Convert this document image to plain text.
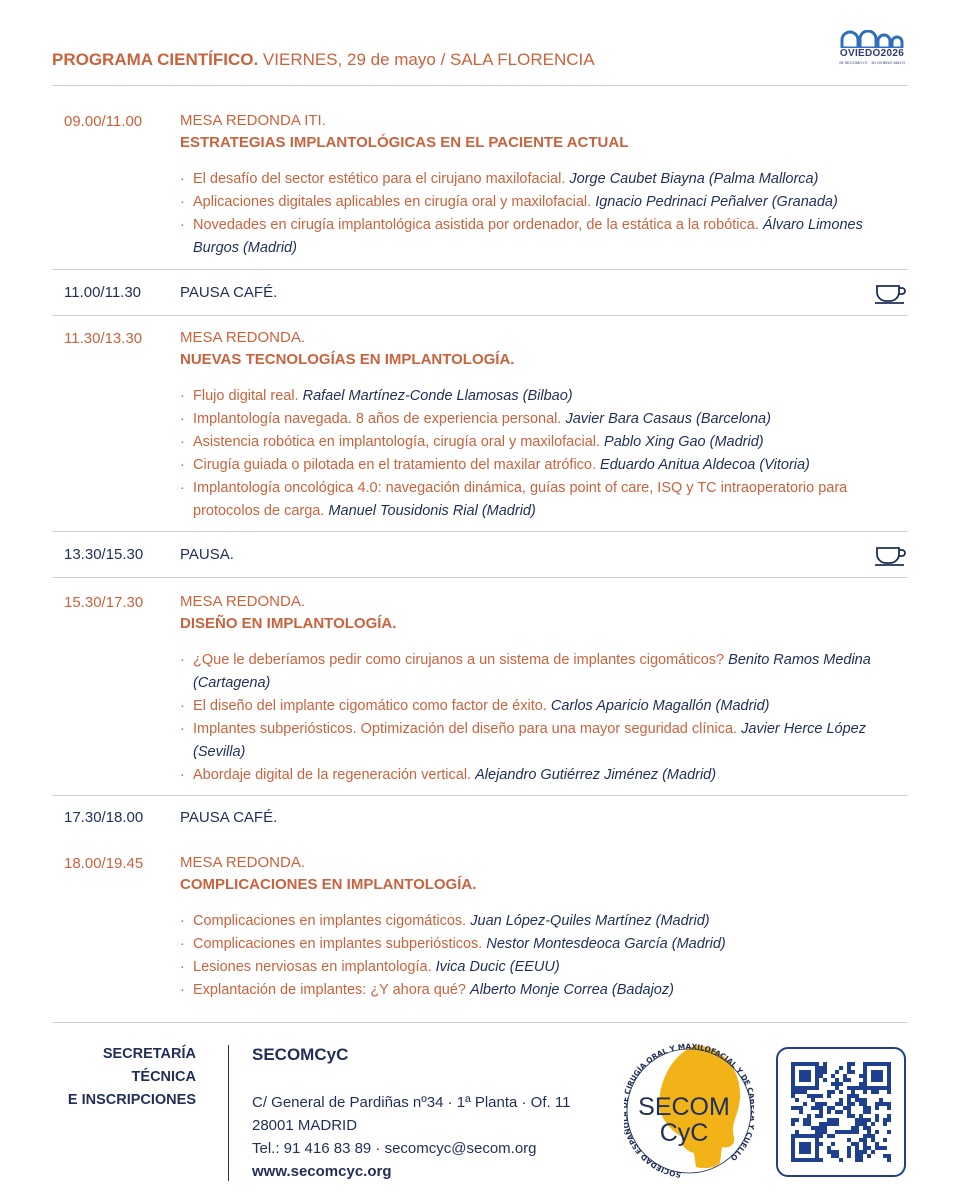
PROGRAMA CIENTÍFICO. VIERNES, 29 de mayo / SALA FLORENCIA	OVIEDO2026
28 SECOMCYC · 30 OVIEDO MAYO
09.00/11.00	MESA REDONDA ITI.
ESTRATEGIAS IMPLANTOLÓGICAS EN EL PACIENTE ACTUAL
· El desafío del sector estético para el cirujano maxilofacial. Jorge Caubet Biayna (Palma Mallorca)
· Aplicaciones digitales aplicables en cirugía oral y maxilofacial. Ignacio Pedrinaci Peñalver (Granada)
· Novedades en cirugía implantológica asistida por ordenador, de la estática a la robótica. Álvaro Limones Burgos (Madrid)
11.00/11.30	PAUSA CAFÉ.
11.30/13.30	MESA REDONDA.
NUEVAS TECNOLOGÍAS EN IMPLANTOLOGÍA.
· Flujo digital real. Rafael Martínez-Conde Llamosas (Bilbao)
· Implantología navegada. 8 años de experiencia personal. Javier Bara Casaus (Barcelona)
· Asistencia robótica en implantología, cirugía oral y maxilofacial. Pablo Xing Gao (Madrid)
· Cirugía guiada o pilotada en el tratamiento del maxilar atrófico. Eduardo Anitua Aldecoa (Vitoria)
· Implantología oncológica 4.0: navegación dinámica, guías point of care, ISQ y TC intraoperatorio para protocolos de carga. Manuel Tousidonis Rial (Madrid)
13.30/15.30 PAUSA.
15.30/17.30 MESA REDONDA.
DISEÑO EN IMPLANTOLOGÍA.
· ¿Que le deberíamos pedir como cirujanos a un sistema de implantes cigomáticos? Benito Ramos Medina (Cartagena)
· El diseño del implante cigomático como factor de éxito. Carlos Aparicio Magallón (Madrid)
· Implantes subperiósticos. Optimización del diseño para una mayor seguridad clínica. Javier Herce López (Sevilla)
· Abordaje digital de la regeneración vertical. Alejandro Gutiérrez Jiménez (Madrid)
17.30/18.00 PAUSA CAFÉ.
18.00/19.45 MESA REDONDA.
COMPLICACIONES EN IMPLANTOLOGÍA.
· Complicaciones en implantes cigomáticos. Juan López-Quiles Martínez (Madrid)
· Complicaciones en implantes subperiósticos. Nestor Montesdeoca García (Madrid)
· Lesiones nerviosas en implantología. Ivica Ducic (EEUU)
· Explantación de implantes: ¿Y ahora qué? Alberto Monje Correa (Badajoz)
SECRETARÍA
TÉCNICA
E INSCRIPCIONES
SECOMCyC
C/ General de Pardiñas nº34 · 1ª Planta · Of. 11
28001 MADRID
Tel.: 91 416 83 89 · secomcyc@secom.org
www.secomcyc.org	SOCIEDAD ESPA IRUGÍA ORAL Y MAXILOFACIAL Y DE CUELLO
SECOM
CyC
